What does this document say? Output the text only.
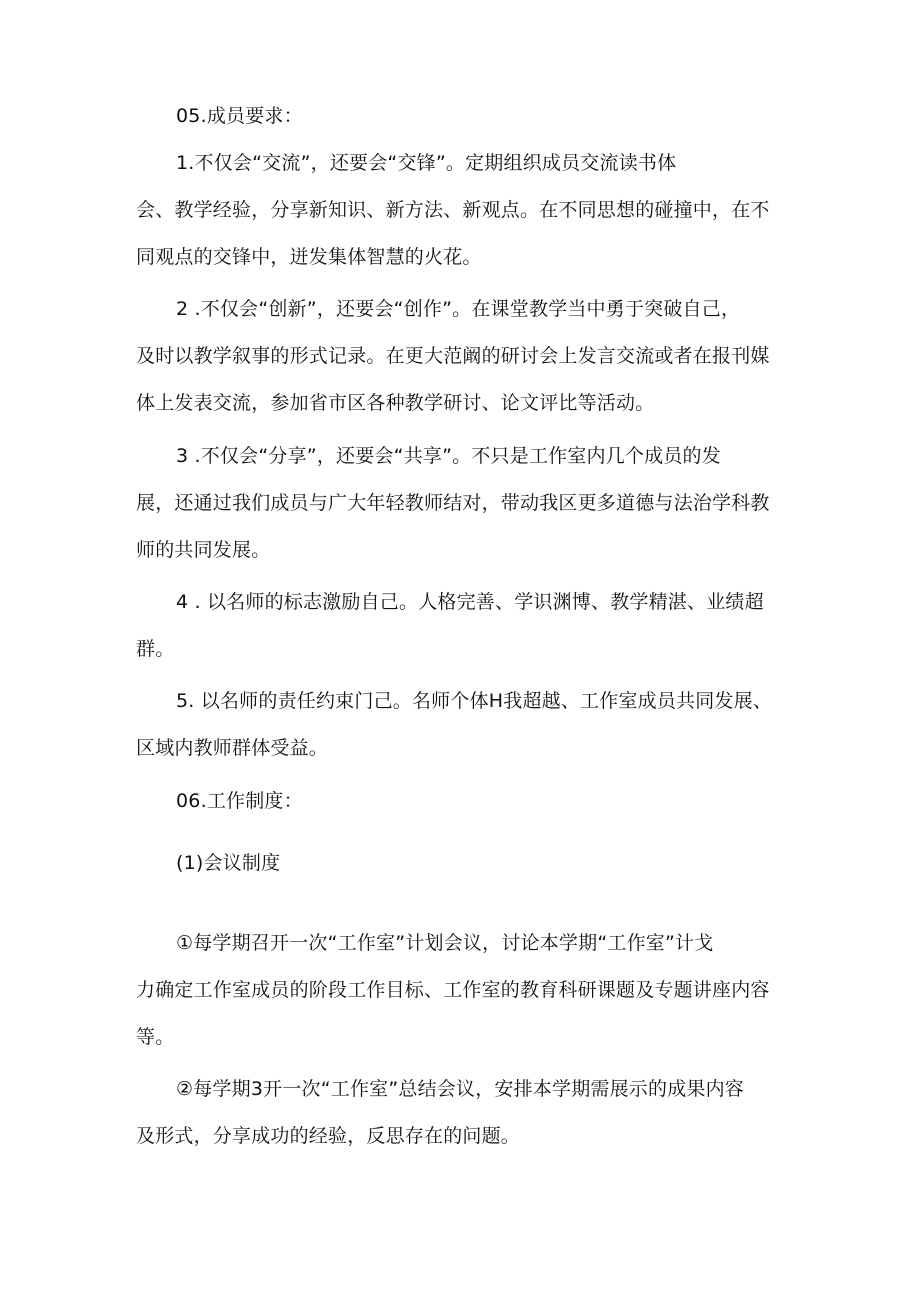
05.成员要求：
1.不仅会“交流”，还要会“交锋”。定期组织成员交流读书体
会、教学经验，分享新知识、新方法、新观点。在不同思想的碰撞中，在不
同观点的交锋中，迸发集体智慧的火花。
2 .不仅会“创新”，还要会“创作”。在课堂教学当中勇于突破自己，
及时以教学叙事的形式记录。在更大范阚的研讨会上发言交流或者在报刊媒
体上发表交流，参加省市区各种教学研讨、论文评比等活动。
3 .不仅会“分享”，还要会“共享”。不只是工作室内几个成员的发
展，还通过我们成员与广大年轻教师结对，带动我区更多道德与法治学科教
师的共同发展。
4 . 以名师的标志激励自己。人格完善、学识渊博、教学精湛、业绩超
群。
5. 以名师的责任约束门己。名师个体H我超越、工作室成员共同发展、
区域内教师群体受益。
06.工作制度：
(1)会议制度
①每学期召开一次“工作室”计划会议，讨论本学期“工作室”计戈
力确定工作室成员的阶段工作目标、工作室的教育科研课题及专题讲座内容
等。
②每学期3开一次“工作室”总结会议，安排本学期需展示的成果内容
及形式，分享成功的经验，反思存在的问题。
